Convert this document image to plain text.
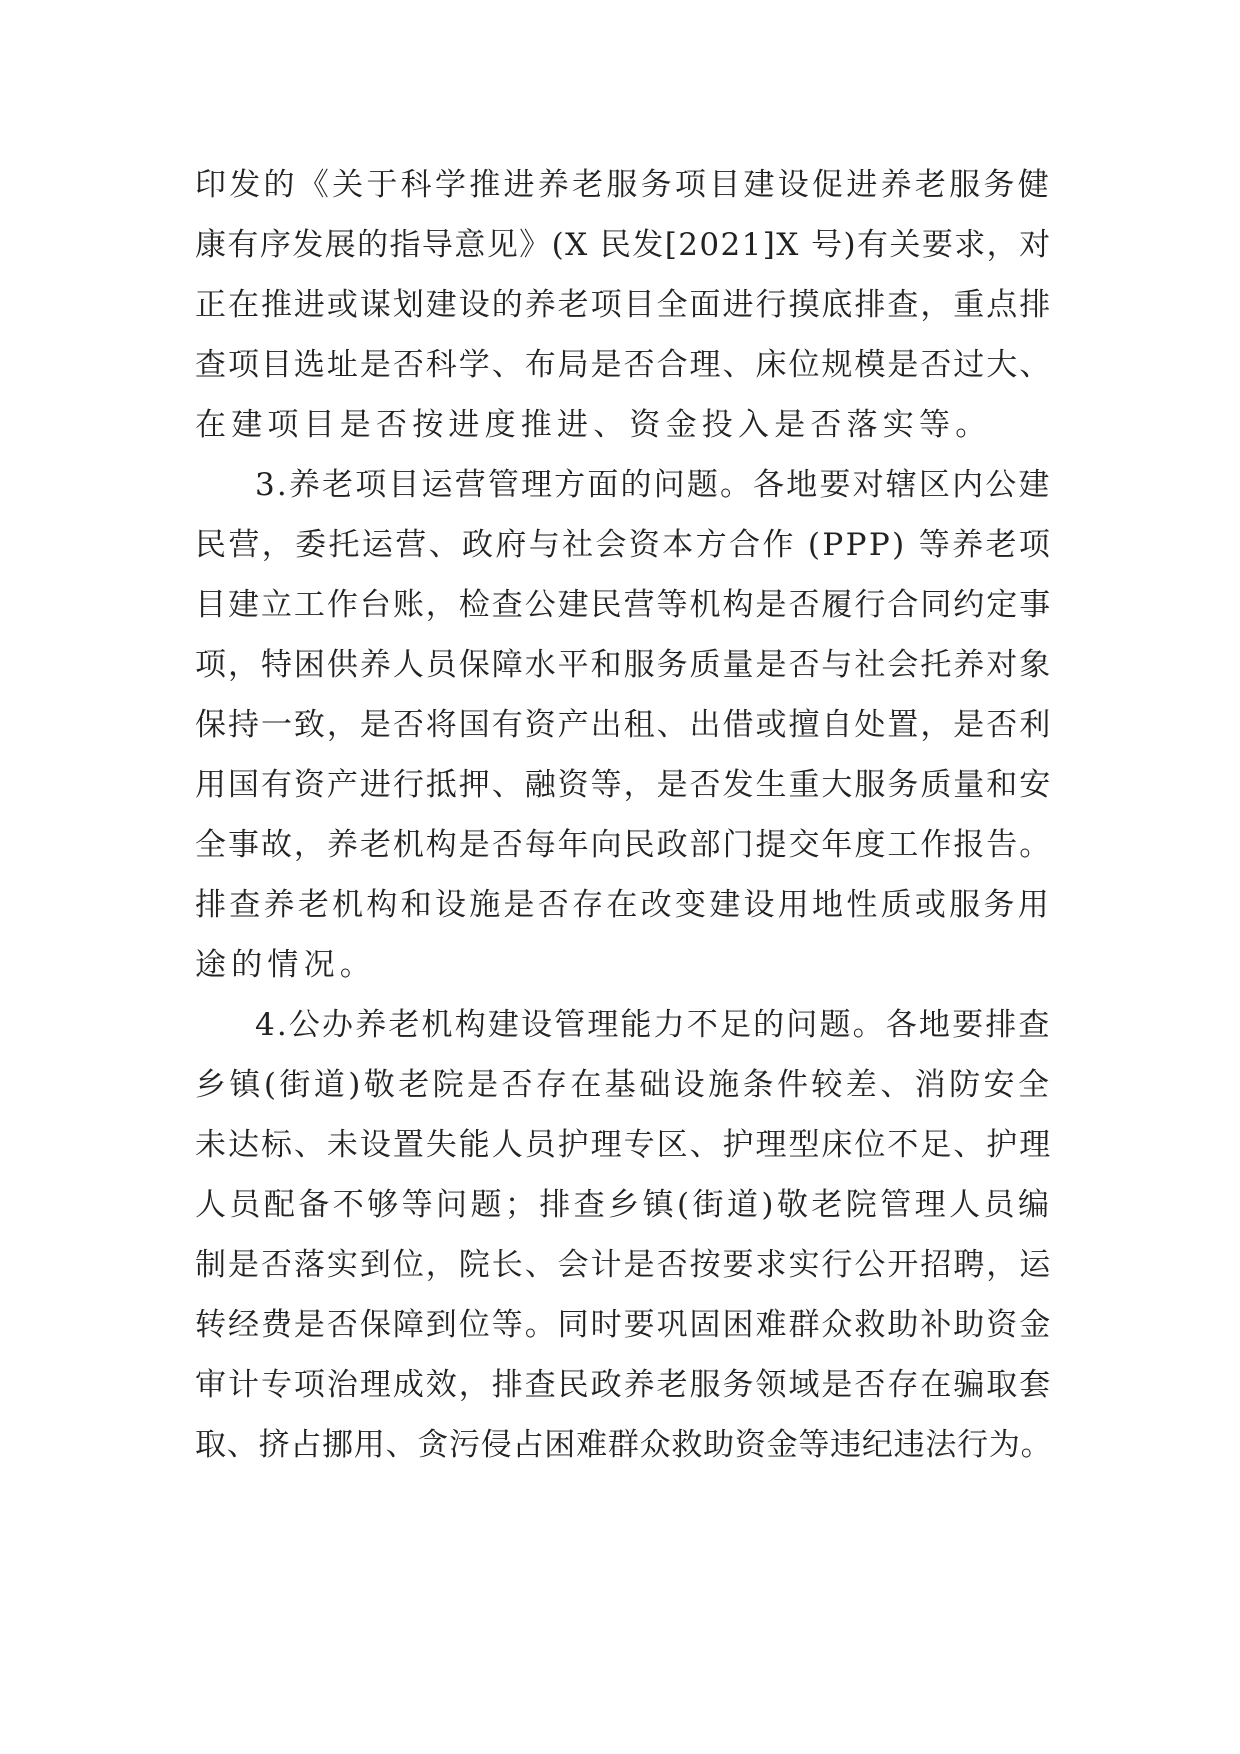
印发的《关于科学推进养老服务项目建设促进养老服务健
康有序发展的指导意见》(X 民发[2021]X 号)有关要求，对
正在推进或谋划建设的养老项目全面进行摸底排查，重点排
查项目选址是否科学、布局是否合理、床位规模是否过大、
在建项目是否按进度推进、资金投入是否落实等。
3.养老项目运营管理方面的问题。各地要对辖区内公建
民营，委托运营、政府与社会资本方合作 (PPP) 等养老项
目建立工作台账，检查公建民营等机构是否履行合同约定事
项，特困供养人员保障水平和服务质量是否与社会托养对象
保持一致，是否将国有资产出租、出借或擅自处置，是否利
用国有资产进行抵押、融资等，是否发生重大服务质量和安
全事故，养老机构是否每年向民政部门提交年度工作报告。
排查养老机构和设施是否存在改变建设用地性质或服务用
途的情况。
4.公办养老机构建设管理能力不足的问题。各地要排查
乡镇(街道)敬老院是否存在基础设施条件较差、消防安全
未达标、未设置失能人员护理专区、护理型床位不足、护理
人员配备不够等问题；排查乡镇(街道)敬老院管理人员编
制是否落实到位，院长、会计是否按要求实行公开招聘，运
转经费是否保障到位等。同时要巩固困难群众救助补助资金
审计专项治理成效，排查民政养老服务领域是否存在骗取套
取、挤占挪用、贪污侵占困难群众救助资金等违纪违法行为。
